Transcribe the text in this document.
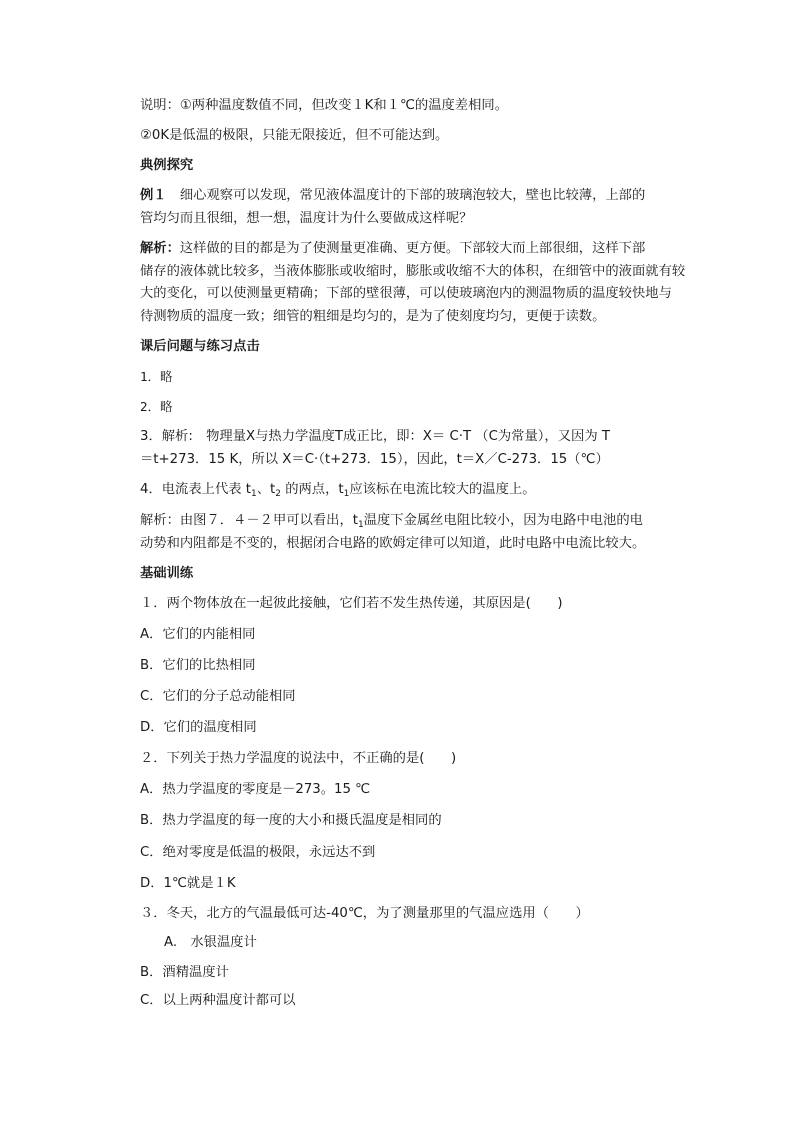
说明：①两种温度数值不同，但改变１K和１℃的温度差相同。
②0K是低温的极限，只能无限接近，但不可能达到。
典例探究
例１　 细心观察可以发现，常见液体温度计的下部的玻璃泡较大，壁也比较薄，上部的
管均匀而且很细，想一想，温度计为什么要做成这样呢？
解析：这样做的目的都是为了使测量更准确、更方便。下部较大而上部很细，这样下部
储存的液体就比较多，当液体膨胀或收缩时，膨胀或收缩不大的体积，在细管中的液面就有较
大的变化，可以使测量更精确；下部的壁很薄，可以使玻璃泡内的测温物质的温度较快地与
待测物质的温度一致；细管的粗细是均匀的，是为了使刻度均匀，更便于读数。
课后问题与练习点击
1．略
2．略
3．解析:　物理量X与热力学温度T成正比，即：X＝ C·T （C为常量），又因为 T
＝t+273．15 K，所以 X＝C·（t+273．15），因此，t＝X／C-273．15（℃）
4．电流表上代表 $t_1$、$t_2$ 的两点，$t_1$应该标在电流比较大的温度上。
解析：由图７．４－２甲可以看出，$t_1$温度下金属丝电阻比较小，因为电路中电池的电
动势和内阻都是不变的，根据闭合电路的欧姆定律可以知道，此时电路中电流比较大。
基础训练
１．两个物体放在一起彼此接触，它们若不发生热传递，其原因是(　　)
A．它们的内能相同
B．它们的比热相同
C．它们的分子总动能相同
D．它们的温度相同
２．下列关于热力学温度的说法中，不正确的是(　　)
A．热力学温度的零度是－273。15 ℃
B．热力学温度的每一度的大小和摄氏温度是相同的
C．绝对零度是低温的极限，永远达不到
D．1℃就是１K
３．冬天，北方的气温最低可达-40℃，为了测量那里的气温应选用（　　）
A.　水银温度计
B．酒精温度计
C．以上两种温度计都可以
